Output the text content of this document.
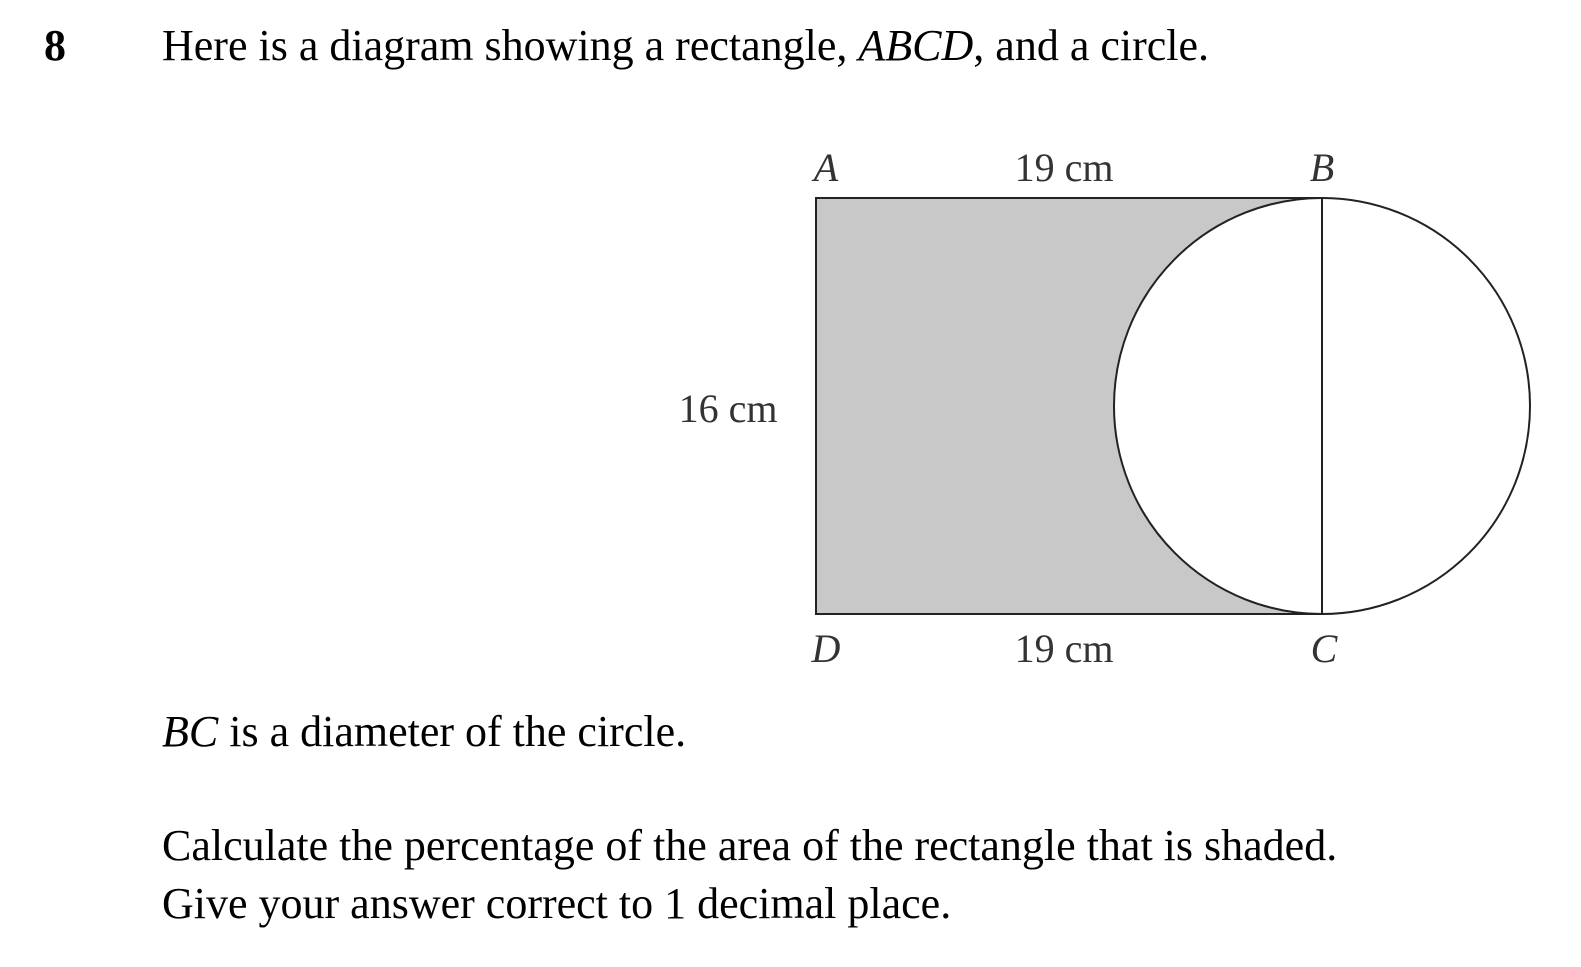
8 Here is a diagram showing a rectangle, ABCD, and a circle.
A	B
C
D
19 cm
19 cm
16 cm
BC is a diameter of the circle.
Calculate the percentage of the area of the rectangle that is shaded.
Give your answer correct to 1 decimal place.
